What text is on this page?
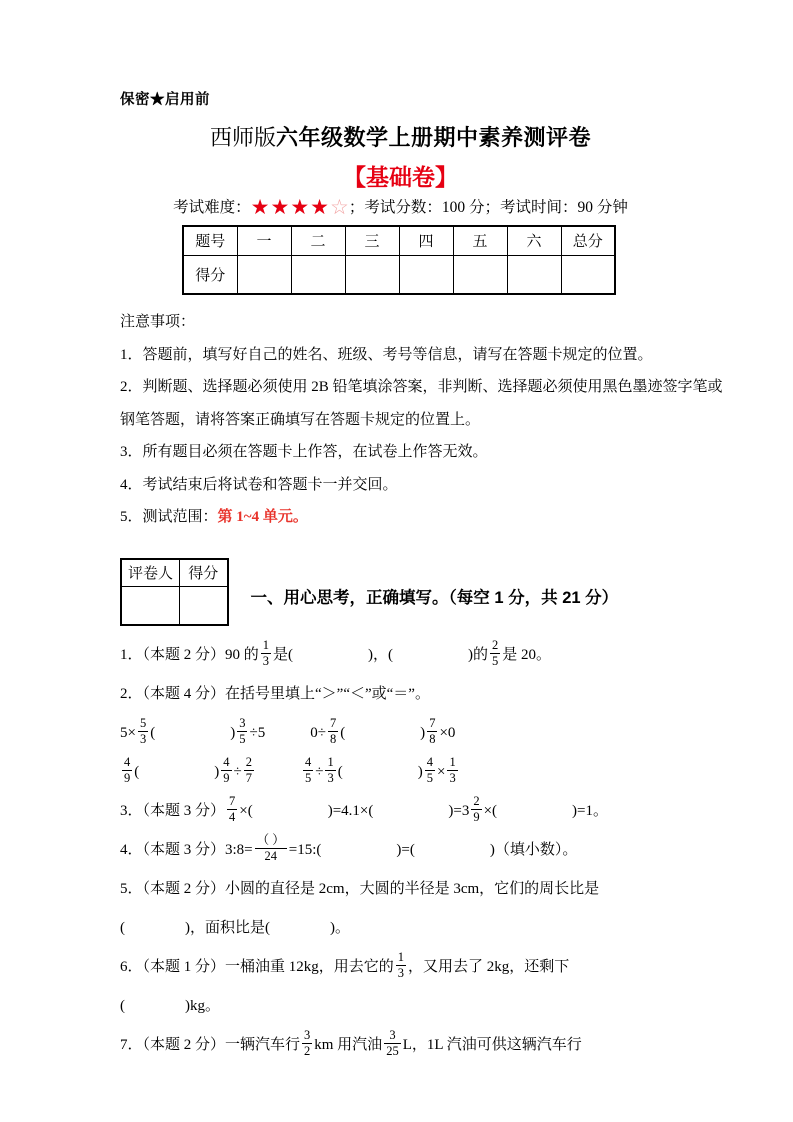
保密★启用前
西师版六年级数学上册期中素养测评卷
【基础卷】
考试难度：★★★★☆；考试分数：100 分；考试时间：90 分钟
题号	一	二	三	四	五	六	总分
得分							

注意事项：

1．答题前，填写好自己的姓名、班级、考号等信息，请写在答题卡规定的位置。

2．判断题、选择题必须使用 2B 铅笔填涂答案，非判断、选择题必须使用黑色墨迹签字笔或
钢笔答题，请将答案正确填写在答题卡规定的位置上。

3．所有题目必须在答题卡上作答，在试卷上作答无效。

4．考试结束后将试卷和答题卡一并交回。

5．测试范围：第 1~4 单元。

评卷人	得分

一、用心思考，正确填写。（每空 1 分，共 21 分）
1．（本题 2 分）90 的 $\frac{1}{3}$ 是(　　　　　)，(　　　　　)的 $\frac{2}{5}$ 是 20。
2．（本题 4 分）在括号里填上“＞”“＜”或“＝”。
$5\times \frac{5}{3}$ (　　　　　) $\frac{3}{5} \div 5$　　　$0\div \frac{7}{8}$ (　　　　　) $\frac{7}{8} \times 0$

$\frac{4}{9}$ (　　　　　) $\frac{4}{9} \div \frac{2}{7}$
　　　	$\frac{4}{5} \div \frac{1}{3}$ (　　　　　) $\frac{4}{5} \times \frac{1}{3}$
3．（本题 3 分） $\frac{7}{4}$ ×(　　　　　)=4.1×(　　　　　)$=3 \frac{2}{9}$ ×(　　　　　)=1。
4．（本题 3 分）3:8= $\frac{( )}{24}$ =15:(　　　　　)=(　　　　　)（填小数）。
5．（本题 2 分）小圆的直径是 2cm，大圆的半径是 3cm，它们的周长比是
(　　　　)，面积比是(　　　　)。
6．（本题 1 分）一桶油重 12kg，用去它的 $\frac{1}{3}$ ，又用去了 2kg，还剩下
(　　　　)kg。
7．（本题 2 分）一辆汽车行 $\frac{3}{2}$ km 用汽油 $\frac{3}{25}$ L，1L 汽油可供这辆汽车行
